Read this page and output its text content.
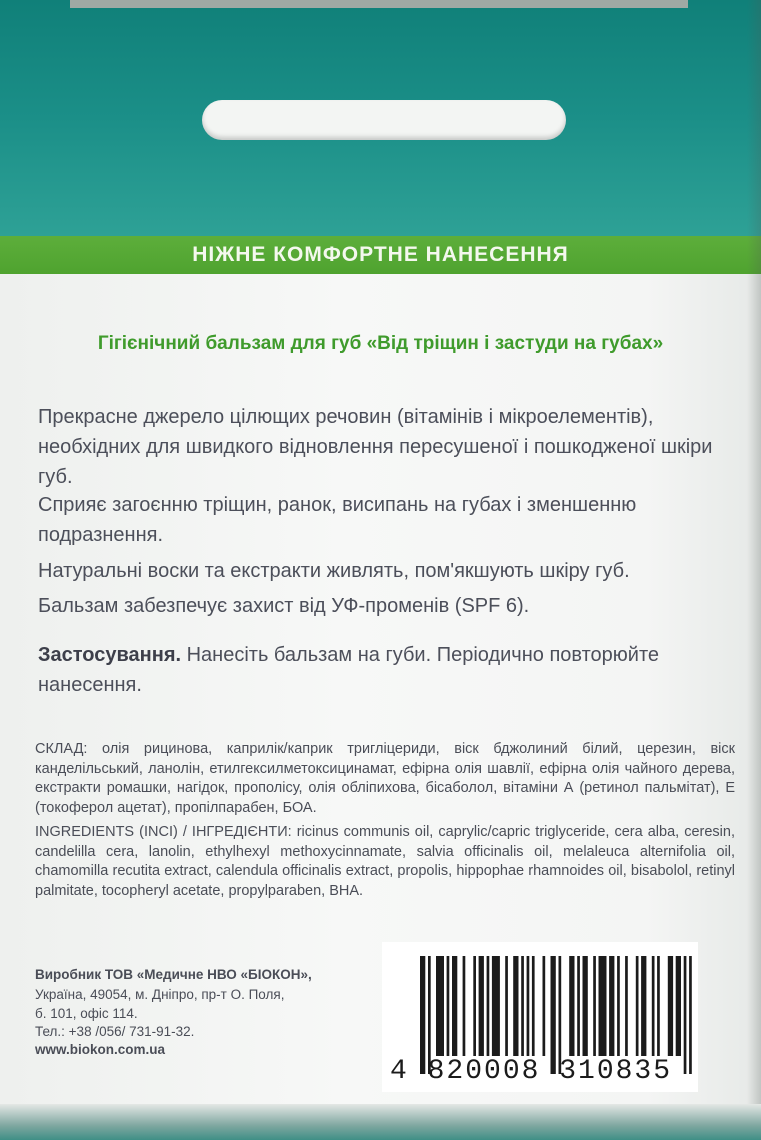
НІЖНЕ КОМФОРТНЕ НАНЕСЕННЯ
Гігієнічний бальзам для губ «Від тріщин і застуди на губах»

Прекрасне джерело цілющих речовин (вітамінів і мікроелементів), необхідних для швидкого відновлення пересушеної і пошкодженої шкіри губ.

Сприяє загоєнню тріщин, ранок, висипань на губах і зменшенню подразнення.

Натуральні воски та екстракти живлять, пом'якшують шкіру губ.

Бальзам забезпечує захист від УФ-променів (SPF 6).

Застосування. Нанесіть бальзам на губи. Періодично повторюйте нанесення.

СКЛАД: олія рицинова, каприлік/каприк тригліцериди, віск бджолиний білий, церезин, віск канделільський, ланолін, етилгексилметоксицинамат, ефірна олія шавлії, ефірна олія чайного дерева, екстракти ромашки, нагідок, прополісу, олія обліпихова, бісаболол, вітаміни А (ретинол пальмітат), Е (токоферол ацетат), пропілпарабен, БОА.

INGREDIENTS (INCI) / ІНГРЕДІЄНТИ: ricinus communis oil, caprylic/capric triglyceride, cera alba, ceresin, candelilla cera, lanolin, ethylhexyl methoxycinnamate, salvia officinalis oil, melaleuca alternifolia oil, chamomilla recutita extract, calendula officinalis extract, propolis, hippophae rhamnoides oil, bisabolol, retinyl palmitate, tocopheryl acetate, propylparaben, BHA.

Виробник ТОВ «Медичне НВО «БІОКОН»,
Україна, 49054, м. Дніпро, пр-т О. Поля,
б. 101, офіс 114.
Тел.: +38 /056/ 731-91-32.
www.biokon.com.ua
4 820008 310835
